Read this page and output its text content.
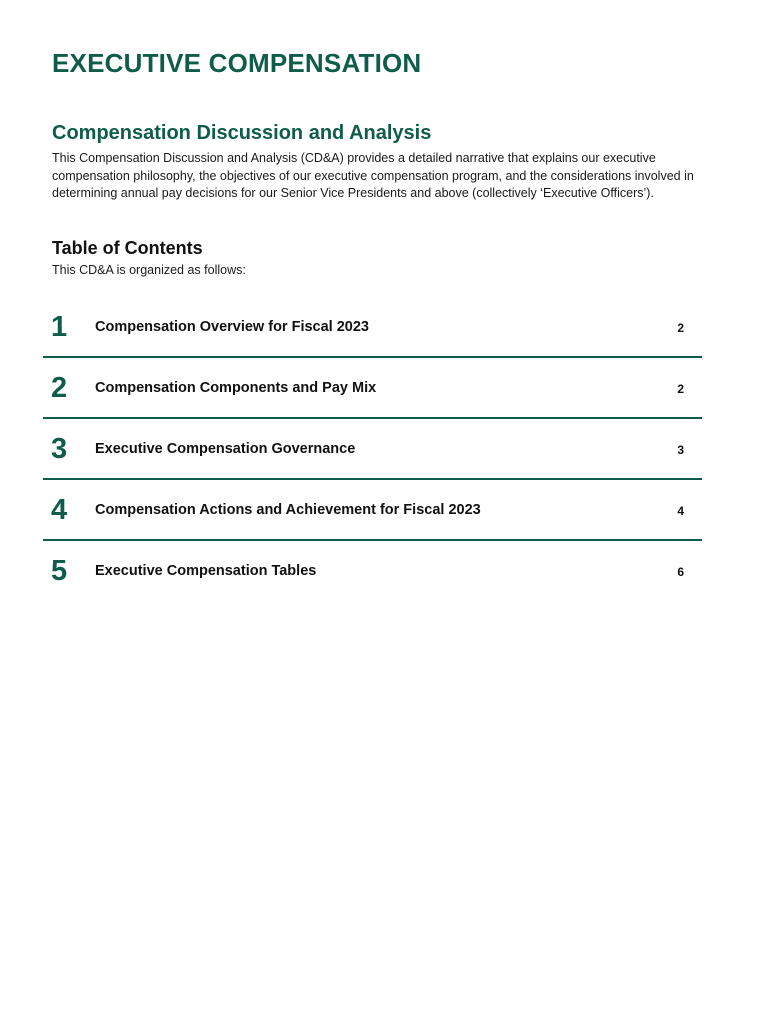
EXECUTIVE COMPENSATION
Compensation Discussion and Analysis

This Compensation Discussion and Analysis (CD&A) provides a detailed narrative that explains our executive compensation philosophy, the objectives of our executive compensation program, and the considerations involved in determining annual pay decisions for our Senior Vice Presidents and above (collectively ‘Executive Officers’).

Table of Contents

This CD&A is organized as follows:

1 Compensation Overview for Fiscal 2023	2
2 Compensation Components and Pay Mix	2
3 Executive Compensation Governance	3
4 Compensation Actions and Achievement for Fiscal 2023	4
5 Executive Compensation Tables	6
